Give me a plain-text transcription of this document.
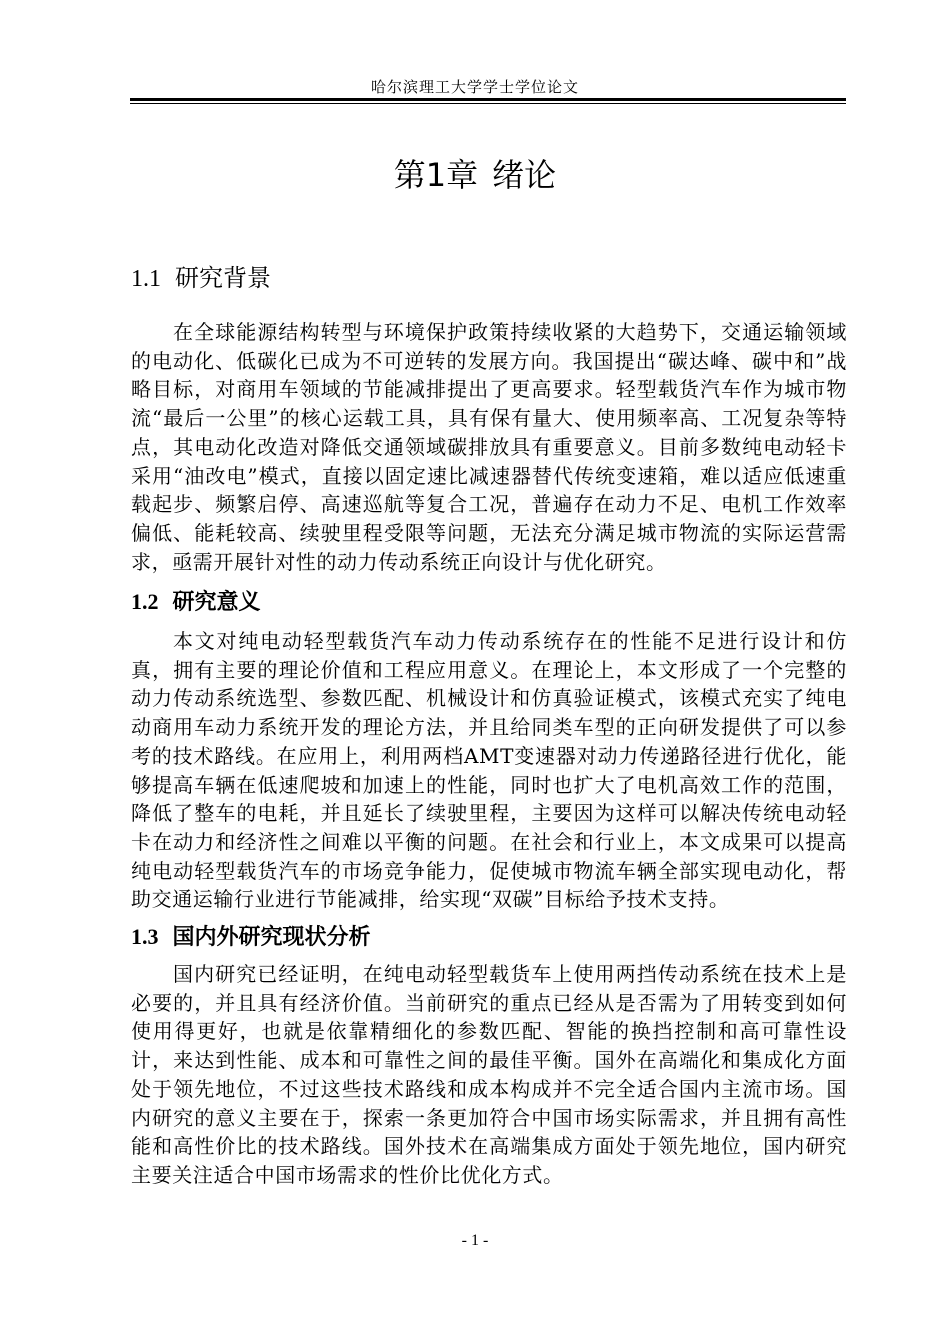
哈尔滨理工大学学士学位论文
第1章 绪论
1.1 研究背景

在全球能源结构转型与环境保护政策持续收紧的大趋势下，交通运输领域的电动化、低碳化已成为不可逆转的发展方向。我国提出“碳达峰、碳中和”战略目标，对商用车领域的节能减排提出了更高要求。轻型载货汽车作为城市物流“最后一公里”的核心运载工具，具有保有量大、使用频率高、工况复杂等特点，其电动化改造对降低交通领域碳排放具有重要意义。目前多数纯电动轻卡采用“油改电”模式，直接以固定速比减速器替代传统变速箱，难以适应低速重载起步、频繁启停、高速巡航等复合工况，普遍存在动力不足、电机工作效率偏低、能耗较高、续驶里程受限等问题，无法充分满足城市物流的实际运营需求，亟需开展针对性的动力传动系统正向设计与优化研究。

1.2 研究意义

本文对纯电动轻型载货汽车动力传动系统存在的性能不足进行设计和仿真，拥有主要的理论价值和工程应用意义。在理论上，本文形成了一个完整的动力传动系统选型、参数匹配、机械设计和仿真验证模式，该模式充实了纯电动商用车动力系统开发的理论方法，并且给同类车型的正向研发提供了可以参考的技术路线。在应用上，利用两档AMT变速器对动力传递路径进行优化，能够提高车辆在低速爬坡和加速上的性能，同时也扩大了电机高效工作的范围，降低了整车的电耗，并且延长了续驶里程，主要因为这样可以解决传统电动轻卡在动力和经济性之间难以平衡的问题。在社会和行业上，本文成果可以提高纯电动轻型载货汽车的市场竞争能力，促使城市物流车辆全部实现电动化，帮助交通运输行业进行节能减排，给实现“双碳”目标给予技术支持。

1.3 国内外研究现状分析

国内研究已经证明，在纯电动轻型载货车上使用两挡传动系统在技术上是必要的，并且具有经济价值。当前研究的重点已经从是否需为了用转变到如何使用得更好，也就是依靠精细化的参数匹配、智能的换挡控制和高可靠性设计，来达到性能、成本和可靠性之间的最佳平衡。国外在高端化和集成化方面处于领先地位，不过这些技术路线和成本构成并不完全适合国内主流市场。国内研究的意义主要在于，探索一条更加符合中国市场实际需求，并且拥有高性能和高性价比的技术路线。国外技术在高端集成方面处于领先地位，国内研究主要关注适合中国市场需求的性价比优化方式。

- 1 -
